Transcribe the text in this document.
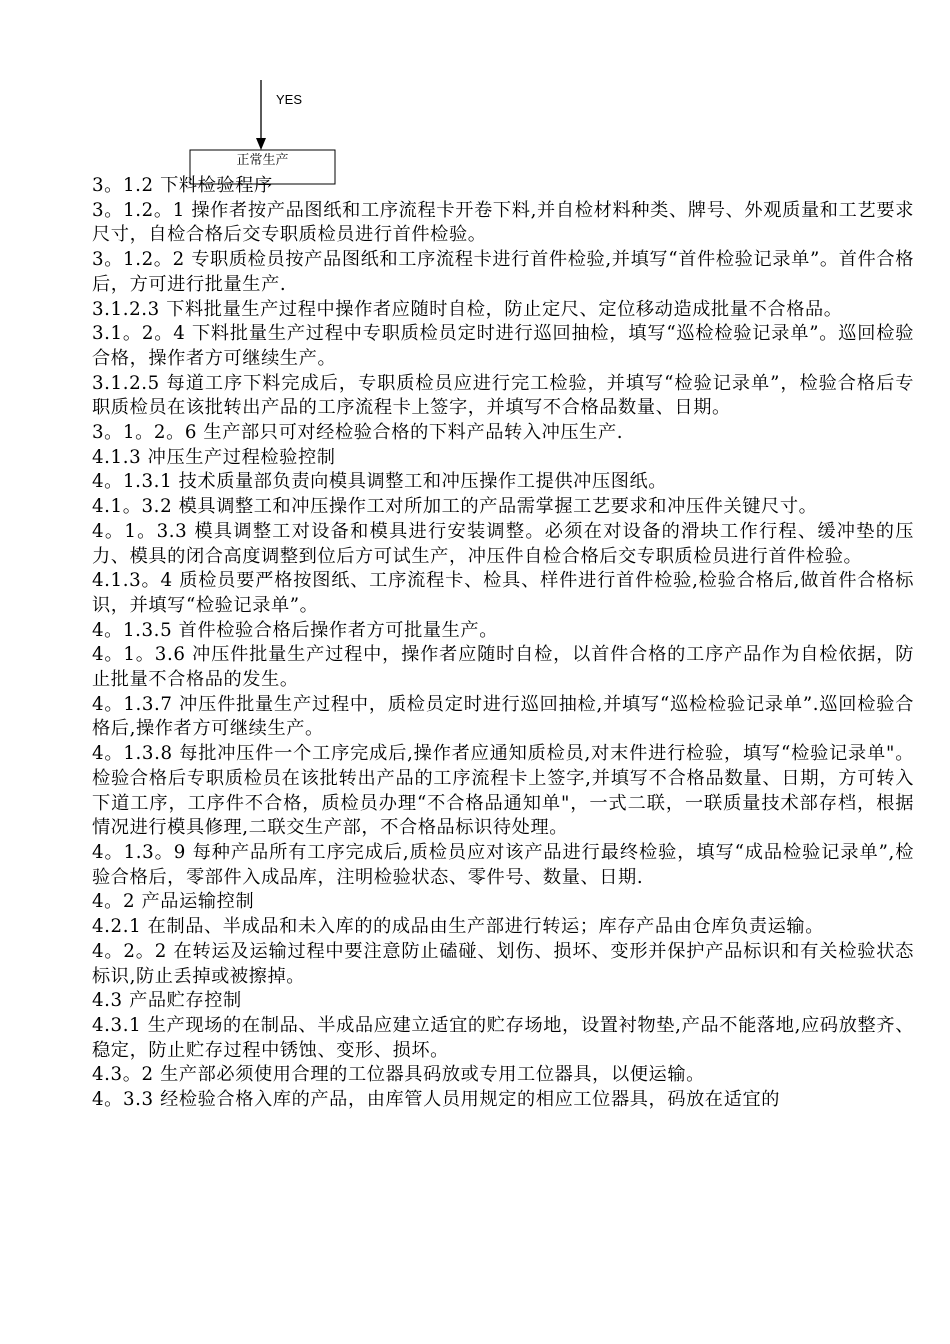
YES
正常生产

3。1.2 下料检验程序

3。1.2。1 操作者按产品图纸和工序流程卡开卷下料,并自检材料种类、牌号、外观质量和工艺要求尺寸，自检合格后交专职质检员进行首件检验。

3。1.2。2 专职质检员按产品图纸和工序流程卡进行首件检验,并填写“首件检验记录单”。首件合格后，方可进行批量生产.

3.1.2.3 下料批量生产过程中操作者应随时自检，防止定尺、定位移动造成批量不合格品。

3.1。2。4 下料批量生产过程中专职质检员定时进行巡回抽检，填写“巡检检验记录单”。巡回检验合格，操作者方可继续生产。

3.1.2.5 每道工序下料完成后，专职质检员应进行完工检验，并填写“检验记录单”，检验合格后专职质检员在该批转出产品的工序流程卡上签字，并填写不合格品数量、日期。

3。1。2。6 生产部只可对经检验合格的下料产品转入冲压生产.

4.1.3 冲压生产过程检验控制

4。1.3.1 技术质量部负责向模具调整工和冲压操作工提供冲压图纸。

4.1。3.2 模具调整工和冲压操作工对所加工的产品需掌握工艺要求和冲压件关键尺寸。

4。1。3.3 模具调整工对设备和模具进行安装调整。必须在对设备的滑块工作行程、缓冲垫的压力、模具的闭合高度调整到位后方可试生产，冲压件自检合格后交专职质检员进行首件检验。

4.1.3。4 质检员要严格按图纸、工序流程卡、检具、样件进行首件检验,检验合格后,做首件合格标识，并填写“检验记录单”。

4。1.3.5 首件检验合格后操作者方可批量生产。

4。1。3.6 冲压件批量生产过程中，操作者应随时自检，以首件合格的工序产品作为自检依据，防止批量不合格品的发生。

4。1.3.7 冲压件批量生产过程中，质检员定时进行巡回抽检,并填写“巡检检验记录单”.巡回检验合格后,操作者方可继续生产。

4。1.3.8 每批冲压件一个工序完成后,操作者应通知质检员,对末件进行检验，填写“检验记录单"。检验合格后专职质检员在该批转出产品的工序流程卡上签字,并填写不合格品数量、日期，方可转入下道工序，工序件不合格，质检员办理“不合格品通知单"，一式二联，一联质量技术部存档，根据情况进行模具修理,二联交生产部，不合格品标识待处理。

4。1.3。9 每种产品所有工序完成后,质检员应对该产品进行最终检验，填写“成品检验记录单”,检验合格后，零部件入成品库，注明检验状态、零件号、数量、日期.

4。2 产品运输控制

4.2.1 在制品、半成品和未入库的的成品由生产部进行转运；库存产品由仓库负责运输。

4。2。2 在转运及运输过程中要注意防止磕碰、划伤、损坏、变形并保护产品标识和有关检验状态标识,防止丢掉或被擦掉。

4.3 产品贮存控制

4.3.1 生产现场的在制品、半成品应建立适宜的贮存场地，设置衬物垫,产品不能落地,应码放整齐、稳定，防止贮存过程中锈蚀、变形、损坏。

4.3。2 生产部必须使用合理的工位器具码放或专用工位器具，以便运输。

4。3.3 经检验合格入库的产品，由库管人员用规定的相应工位器具，码放在适宜的
